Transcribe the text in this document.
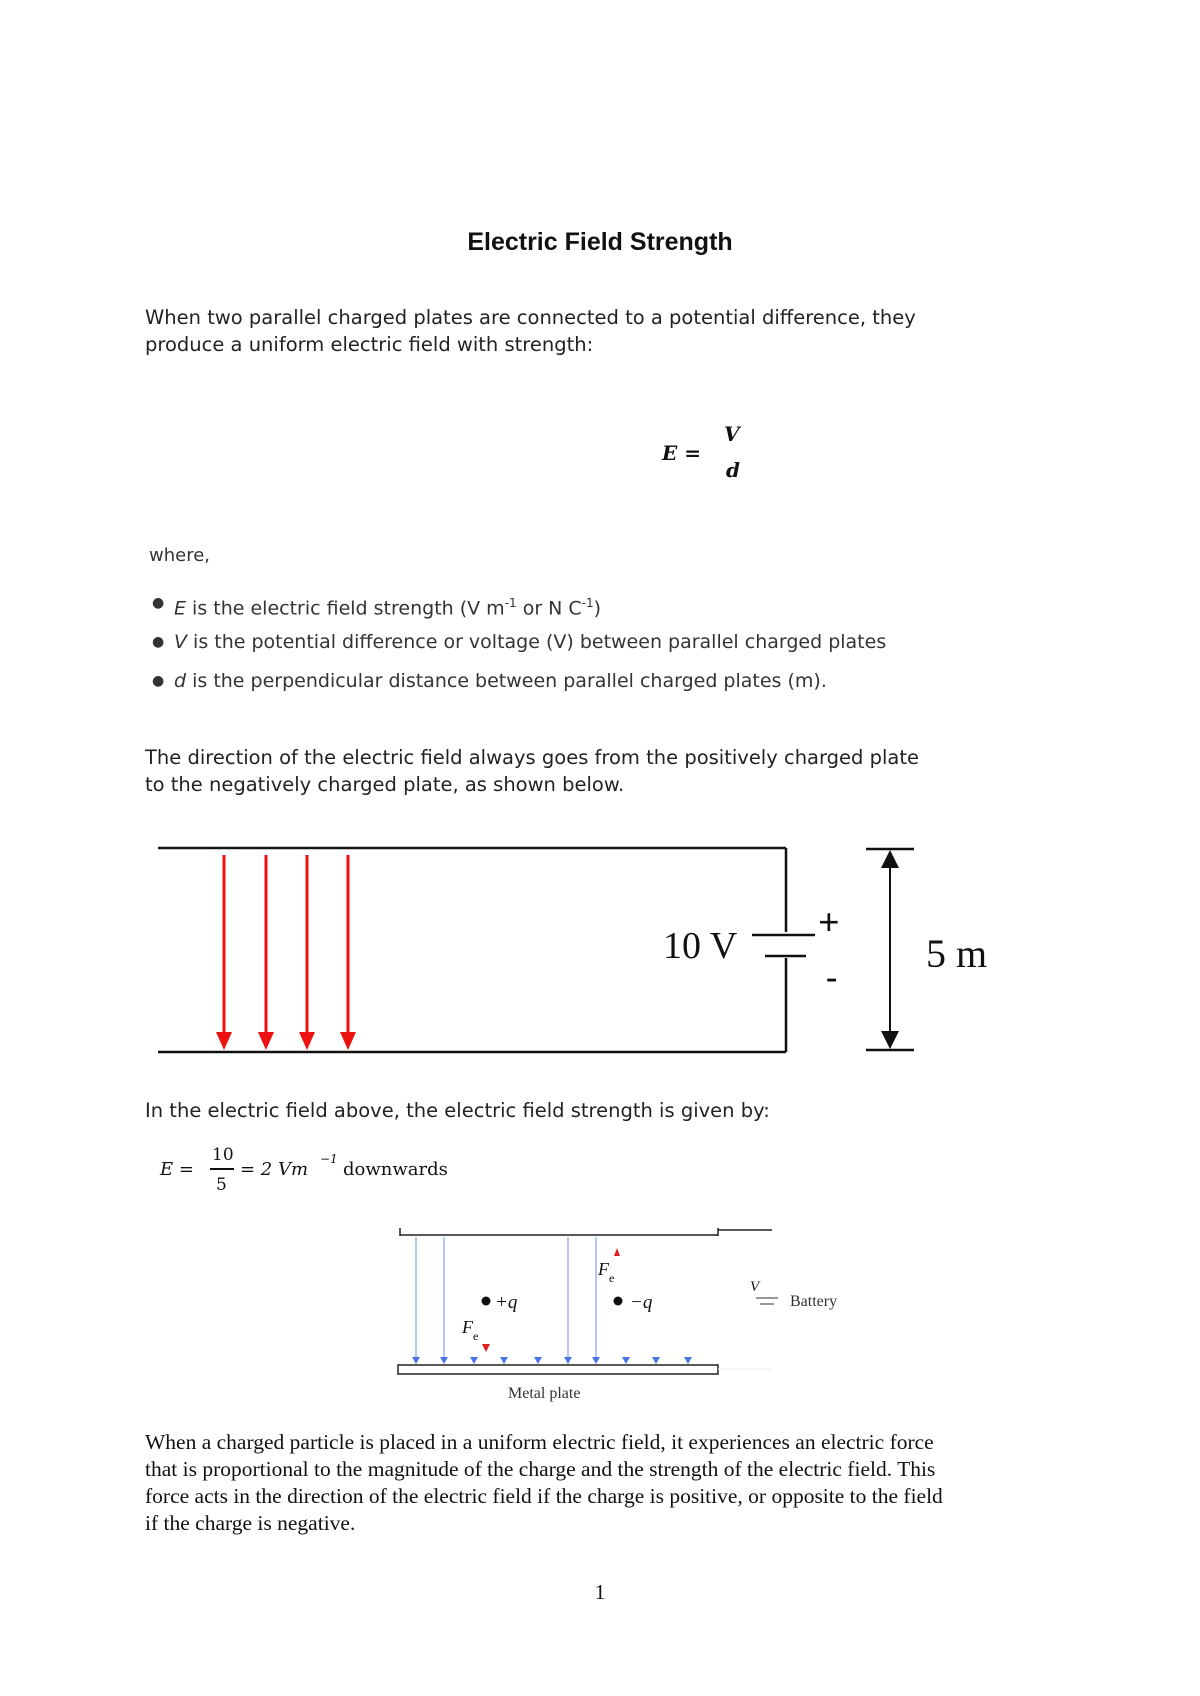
Electric Field Strength
When two parallel charged plates are connected to a potential difference, they
produce a uniform electric field with strength:
E =
V
d
where,
● E is the electric field strength (V $m^{-1}$ or N $C^{-1}$)
● V is the potential difference or voltage (V) between parallel charged plates
● d is the perpendicular distance between parallel charged plates (m).
The direction of the electric field always goes from the positively charged plate
to the negatively charged plate, as shown below.
10 V
+
-
5 m
In the electric field above, the electric field strength is given by:
E =
10
5
= 2 Vm −1 downwards
+q	−q
F e
F e
V
Battery
Metal plate
When a charged particle is placed in a uniform electric field, it experiences an electric force
that is proportional to the magnitude of the charge and the strength of the electric field. This
force acts in the direction of the electric field if the charge is positive, or opposite to the field
if the charge is negative.
1
